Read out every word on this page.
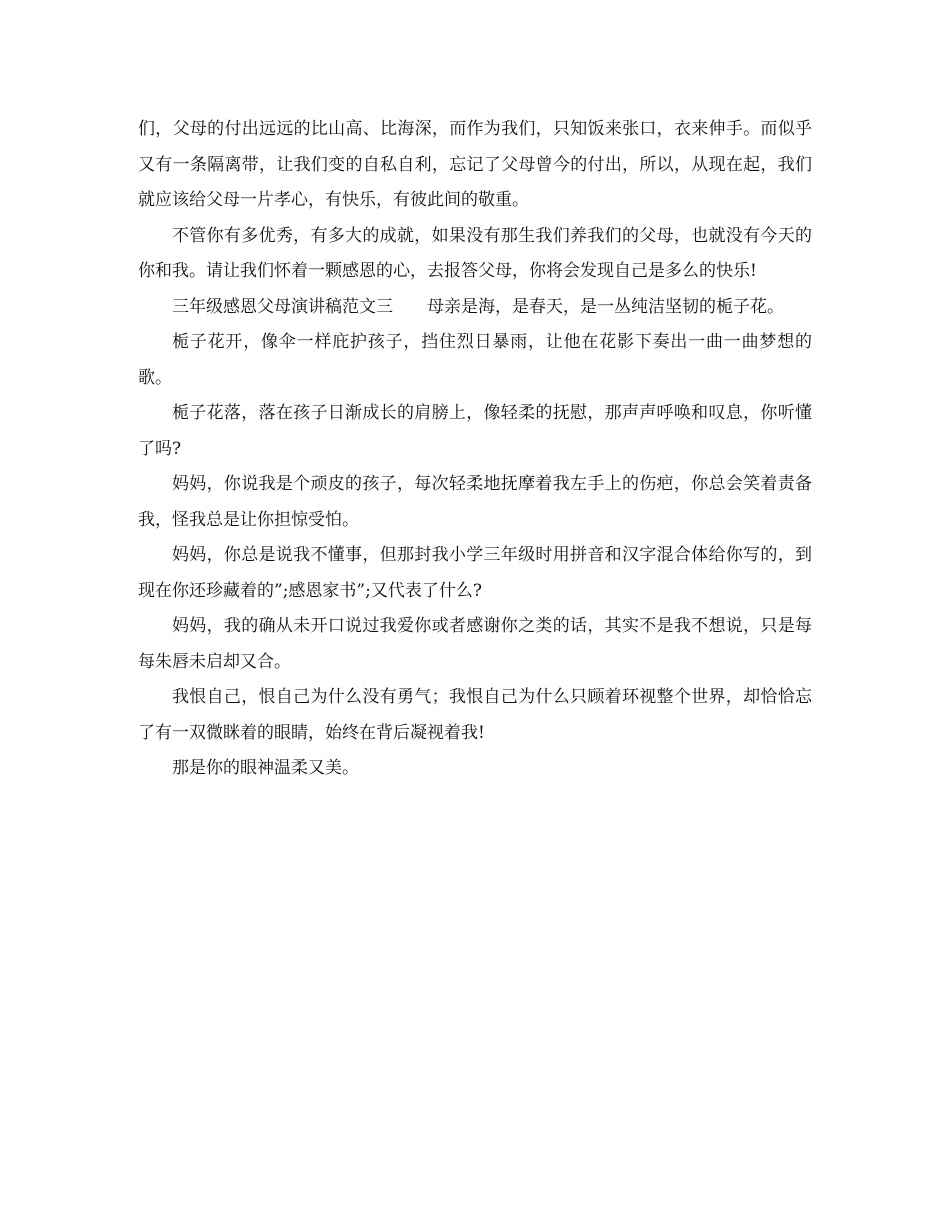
们，父母的付出远远的比山高、比海深，而作为我们，只知饭来张口，衣来伸手。而似乎又有一条隔离带，让我们变的自私自利，忘记了父母曾今的付出，所以，从现在起，我们就应该给父母一片孝心，有快乐，有彼此间的敬重。

不管你有多优秀，有多大的成就，如果没有那生我们养我们的父母，也就没有今天的你和我。请让我们怀着一颗感恩的心，去报答父母，你将会发现自己是多么的快乐!

三年级感恩父母演讲稿范文三　　母亲是海，是春天，是一丛纯洁坚韧的栀子花。

栀子花开，像伞一样庇护孩子，挡住烈日暴雨，让他在花影下奏出一曲一曲梦想的歌。

栀子花落，落在孩子日渐成长的肩膀上，像轻柔的抚慰，那声声呼唤和叹息，你听懂了吗?

妈妈，你说我是个顽皮的孩子，每次轻柔地抚摩着我左手上的伤疤，你总会笑着责备我，怪我总是让你担惊受怕。

妈妈，你总是说我不懂事，但那封我小学三年级时用拼音和汉字混合体给你写的，到现在你还珍藏着的”;感恩家书”;又代表了什么?

妈妈，我的确从未开口说过我爱你或者感谢你之类的话，其实不是我不想说，只是每每朱唇未启却又合。

我恨自己，恨自己为什么没有勇气；我恨自己为什么只顾着环视整个世界，却恰恰忘了有一双微眯着的眼睛，始终在背后凝视着我!

那是你的眼神温柔又美。
